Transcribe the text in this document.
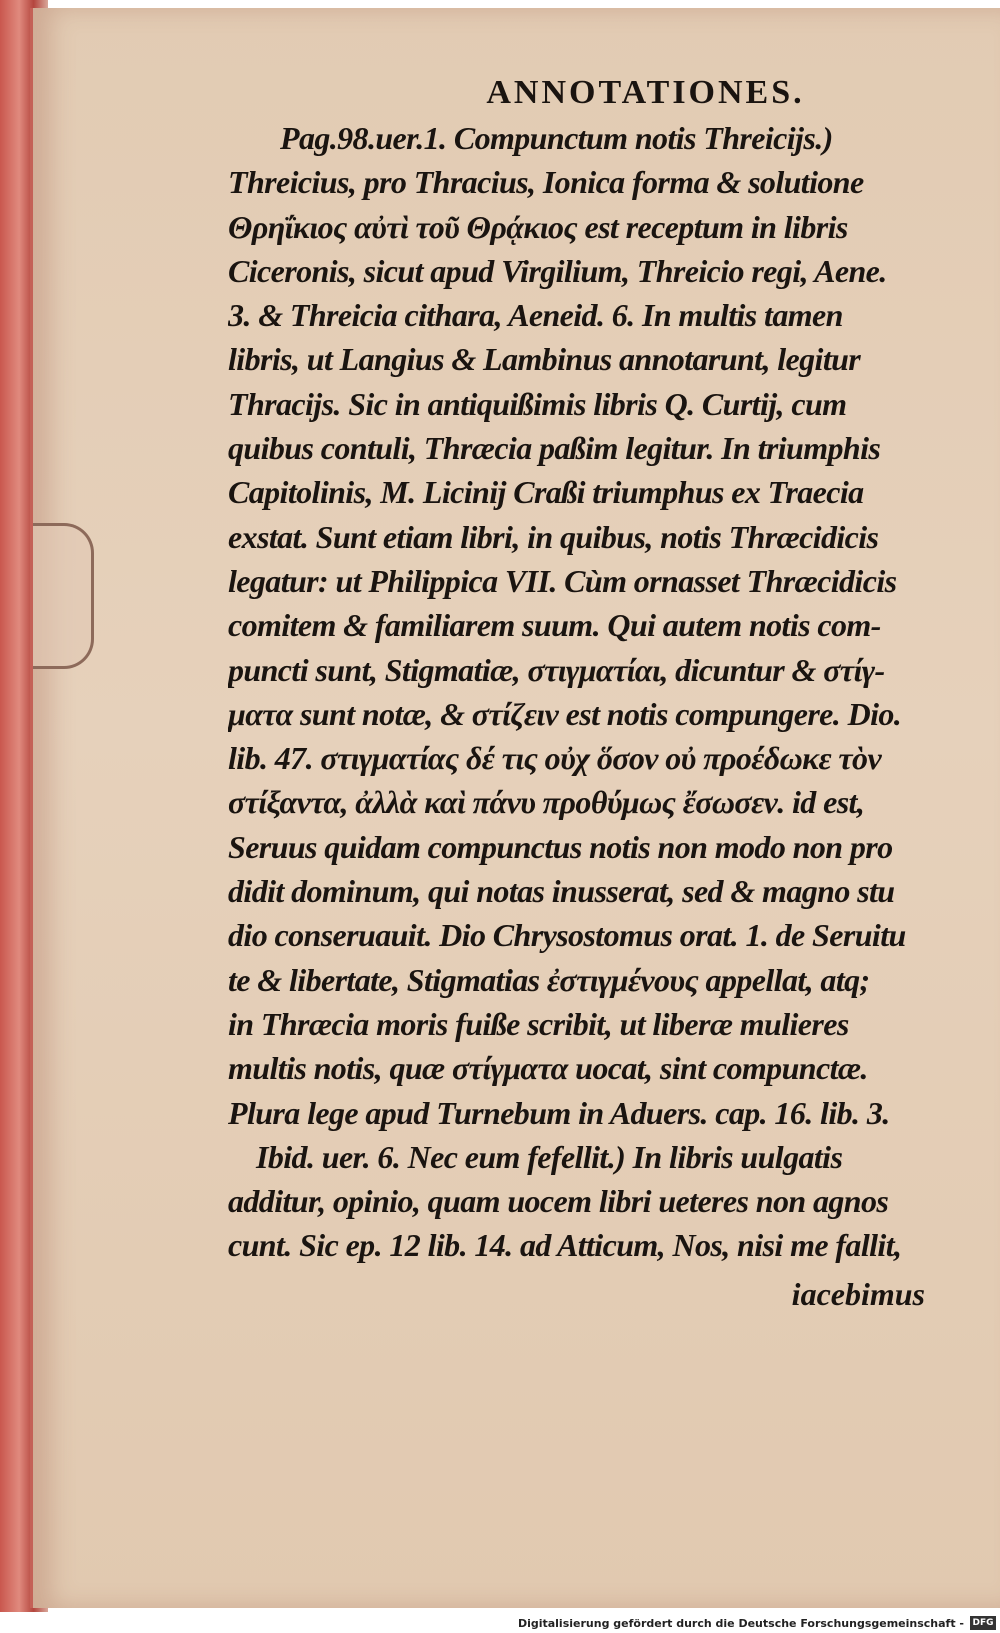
ANNOTATIONES.
Pag.98.uer.1. Compunctum notis Threicijs.)
Threicius, pro Thracius, Ionica forma & solutione
Θρηΐκιος αὐτὶ τοῦ Θρᾴκιος est receptum in libris
Ciceronis, sicut apud Virgilium, Threicio regi, Aene.
3. & Threicia cithara, Aeneid. 6. In multis tamen
libris, ut Langius & Lambinus annotarunt, legitur
Thracijs. Sic in antiquißimis libris Q. Curtij, cum
quibus contuli, Thræcia paßim legitur. In triumphis
Capitolinis, M. Licinij Craßi triumphus ex Traecia
exstat. Sunt etiam libri, in quibus, notis Thræcidicis
legatur: ut Philippica VII. Cùm ornasset Thræcidicis
comitem & familiarem suum. Qui autem notis com-
puncti sunt, Stigmatiæ, στιγματίαι, dicuntur & στίγ-
ματα sunt notæ, & στίζειν est notis compungere. Dio.
lib. 47. στιγματίας δέ τις οὐχ ὅσον οὐ προέδωκε τὸν
στίξαντα, ἀλλὰ καὶ πάνυ προθύμως ἔσωσεν. id est,
Seruus quidam compunctus notis non modo non pro
didit dominum, qui notas inusserat, sed & magno stu
dio conseruauit. Dio Chrysostomus orat. 1. de Seruitu
te & libertate, Stigmatias ἐστιγμένους appellat, atq;
in Thræcia moris fuiße scribit, ut liberæ mulieres
multis notis, quæ στίγματα uocat, sint compunctæ.
Plura lege apud Turnebum in Aduers. cap. 16. lib. 3.
Ibid. uer. 6. Nec eum fefellit.) In libris uulgatis
additur, opinio, quam uocem libri ueteres non agnos
cunt. Sic ep. 12 lib. 14. ad Atticum, Nos, nisi me fallit,
iacebimus
Digitalisierung gefördert durch die Deutsche Forschungsgemeinschaft - DFG
